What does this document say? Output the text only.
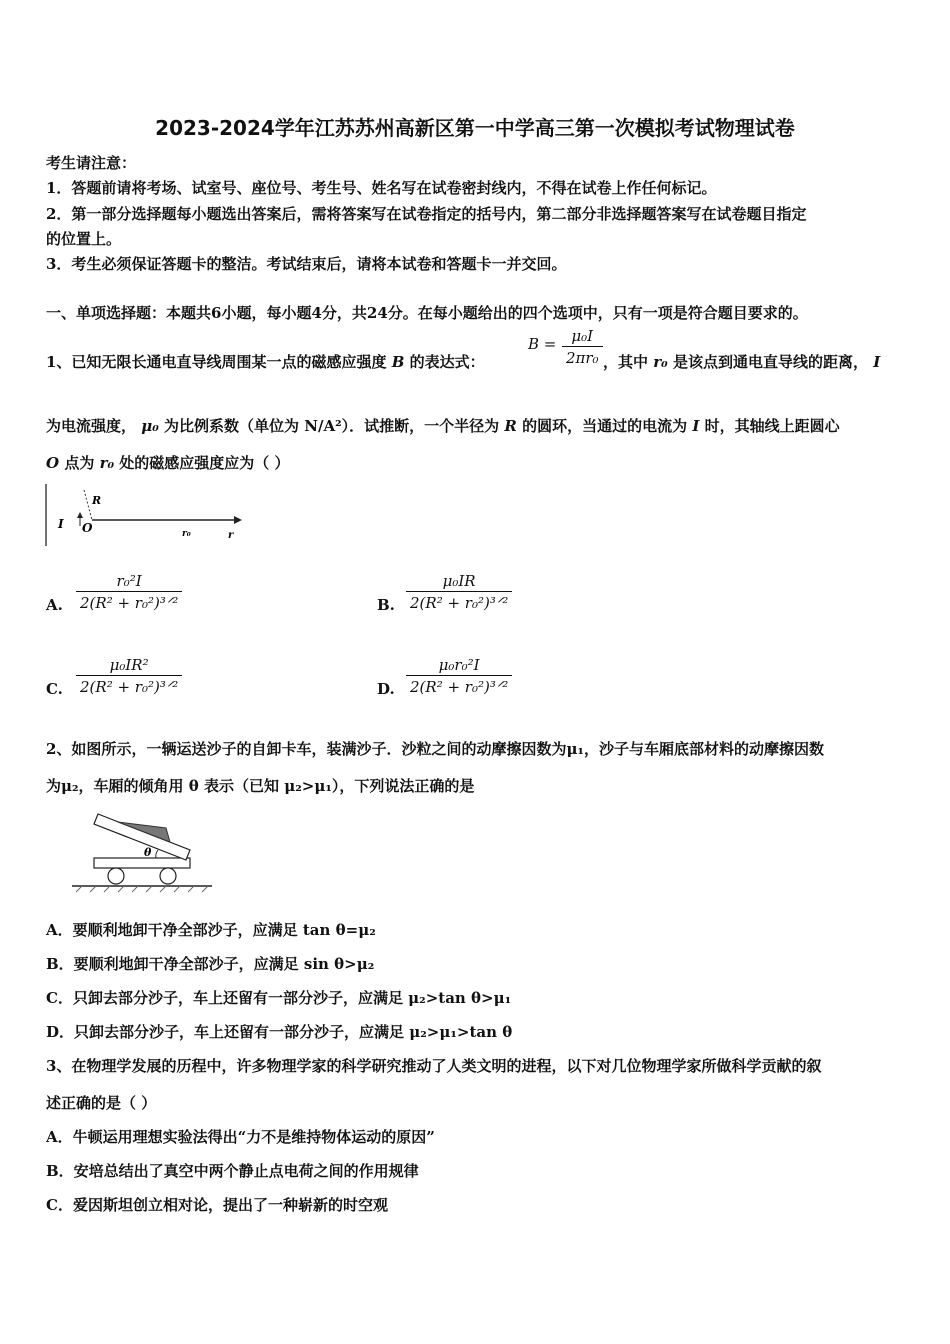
2023-2024学年江苏苏州高新区第一中学高三第一次模拟考试物理试卷
考生请注意：
1．答题前请将考场、试室号、座位号、考生号、姓名写在试卷密封线内，不得在试卷上作任何标记。
2．第一部分选择题每小题选出答案后，需将答案写在试卷指定的括号内，第二部分非选择题答案写在试卷题目指定
的位置上。
3．考生必须保证答题卡的整洁。考试结束后，请将本试卷和答题卡一并交回。
一、单项选择题：本题共6小题，每小题4分，共24分。在每小题给出的四个选项中，只有一项是符合题目要求的。
1、已知无限长通电直导线周围某一点的磁感应强度 B 的表达式：
$B = \frac{\text{μ₀I}}{\text{2πr₀}}$ ，其中 r₀ 是该点到通电直导线的距离， I
为电流强度， μ₀ 为比例系数（单位为 N/A²）．试推断，一个半径为 R 的圆环，当通过的电流为 I 时，其轴线上距圆心
O 点为 r₀ 处的磁感应强度应为（ ）
I O
R
r₀	r
A. $\frac{\text{r₀²I}}{\text{2(R² + r₀²)³ᐟ²}}$	B. $\frac{\text{μ₀IR}}{\text{2(R² + r₀²)³ᐟ²}}$
C. $\frac{\text{μ₀IR²}}{\text{2(R² + r₀²)³ᐟ²}}$	D. $\frac{\text{μ₀r₀²I}}{\text{2(R² + r₀²)³ᐟ²}}$
2、如图所示，一辆运送沙子的自卸卡车，装满沙子．沙粒之间的动摩擦因数为μ₁，沙子与车厢底部材料的动摩擦因数
为μ₂，车厢的倾角用 θ 表示（已知 μ₂>μ₁），下列说法正确的是
θ
A．要顺利地卸干净全部沙子，应满足 tan θ=μ₂
B．要顺利地卸干净全部沙子，应满足 sin θ>μ₂
C．只卸去部分沙子，车上还留有一部分沙子，应满足 μ₂>tan θ>μ₁
D．只卸去部分沙子，车上还留有一部分沙子，应满足 μ₂>μ₁>tan θ
3、在物理学发展的历程中，许多物理学家的科学研究推动了人类文明的进程，以下对几位物理学家所做科学贡献的叙
述正确的是（ ）
A．牛顿运用理想实验法得出“力不是维持物体运动的原因”
B．安培总结出了真空中两个静止点电荷之间的作用规律
C．爱因斯坦创立相对论，提出了一种崭新的时空观
